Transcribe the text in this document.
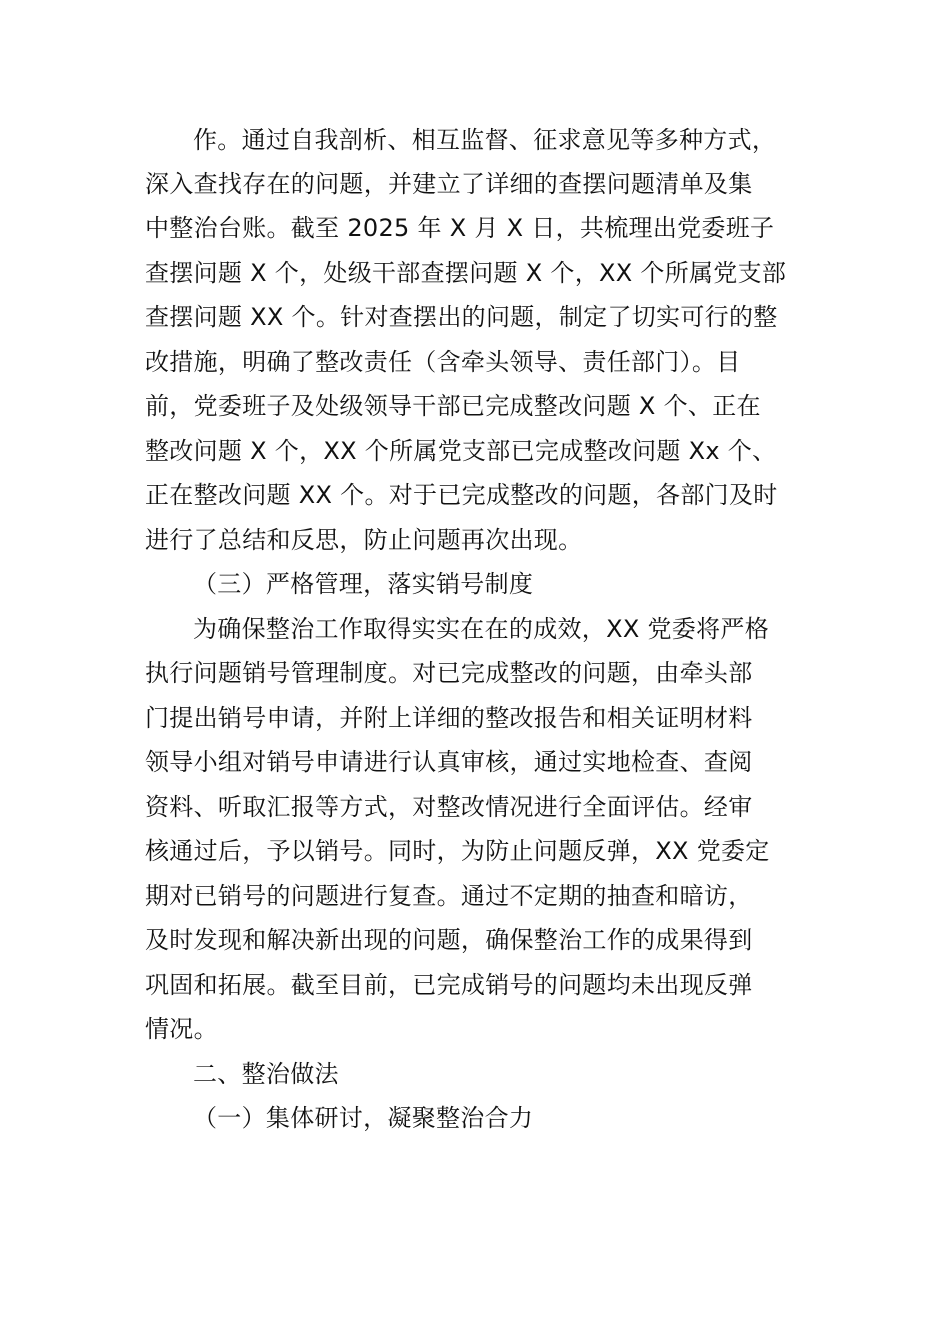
作。通过自我剖析、相互监督、征求意见等多种方式，
深入查找存在的问题，并建立了详细的查摆问题清单及集
中整治台账。截至 2025 年 X 月 X 日，共梳理出党委班子
查摆问题 X 个，处级干部查摆问题 X 个，XX 个所属党支部
查摆问题 XX 个。针对查摆出的问题，制定了切实可行的整
改措施，明确了整改责任（含牵头领导、责任部门）。目
前，党委班子及处级领导干部已完成整改问题 X 个、正在
整改问题 X 个，XX 个所属党支部已完成整改问题 Xx 个、
正在整改问题 XX 个。对于已完成整改的问题，各部门及时
进行了总结和反思，防止问题再次出现。
（三）严格管理，落实销号制度
为确保整治工作取得实实在在的成效，XX 党委将严格
执行问题销号管理制度。对已完成整改的问题，由牵头部
门提出销号申请，并附上详细的整改报告和相关证明材料
领导小组对销号申请进行认真审核，通过实地检查、查阅
资料、听取汇报等方式，对整改情况进行全面评估。经审
核通过后，予以销号。同时，为防止问题反弹，XX 党委定
期对已销号的问题进行复查。通过不定期的抽查和暗访，
及时发现和解决新出现的问题，确保整治工作的成果得到
巩固和拓展。截至目前，已完成销号的问题均未出现反弹
情况。
二、整治做法
（一）集体研讨，凝聚整治合力
